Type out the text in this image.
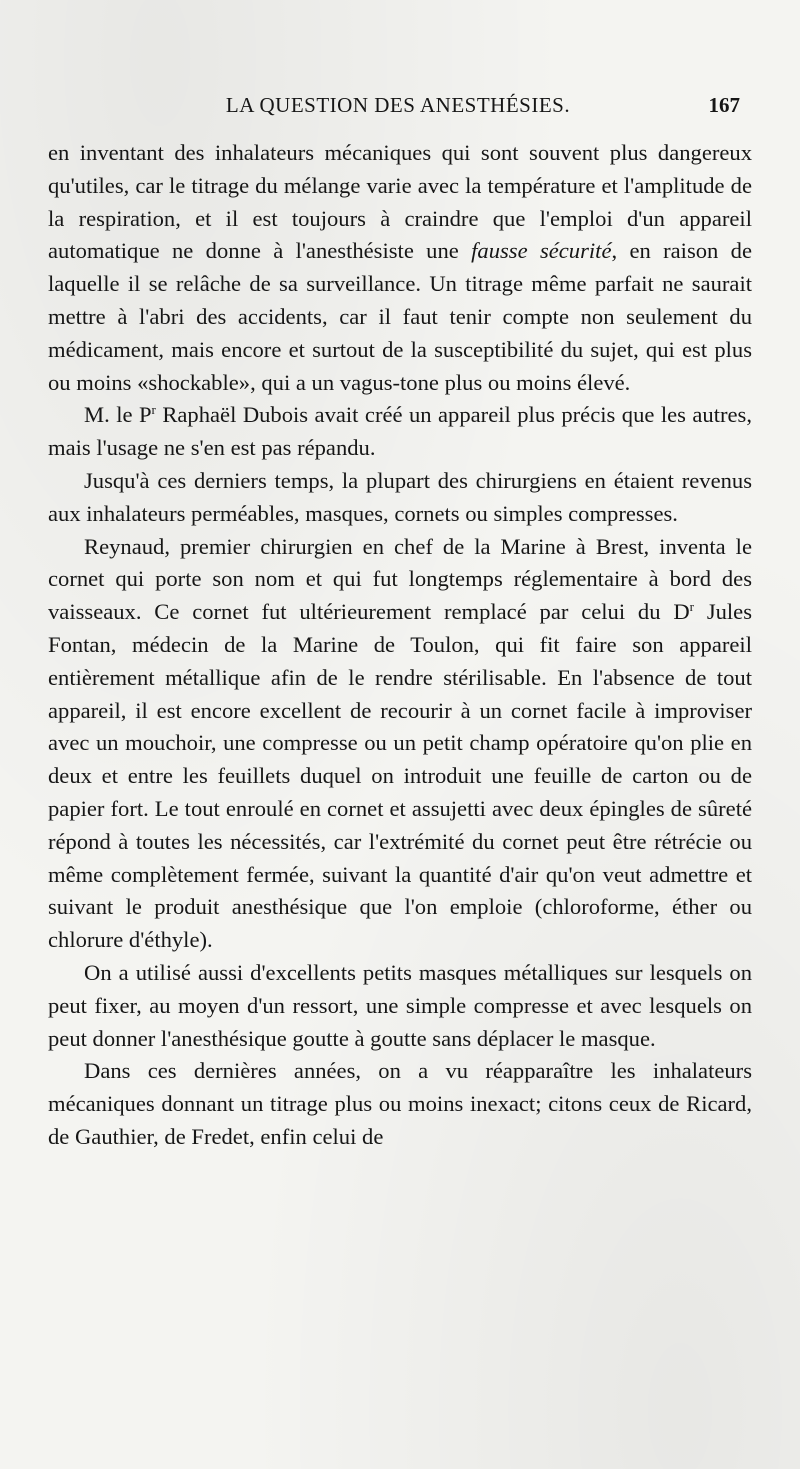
LA QUESTION DES ANESTHÉSIES.	167

en inventant des inhalateurs mécaniques qui sont souvent plus dangereux qu'utiles, car le titrage du mélange varie avec la température et l'amplitude de la respiration, et il est toujours à craindre que l'emploi d'un appareil automatique ne donne à l'anesthésiste une fausse sécurité, en raison de laquelle il se relâche de sa surveillance. Un titrage même parfait ne saurait mettre à l'abri des accidents, car il faut tenir compte non seulement du médicament, mais encore et surtout de la susceptibilité du sujet, qui est plus ou moins «shockable», qui a un vagus-tone plus ou moins élevé.

M. le $P^r$ Raphaël Dubois avait créé un appareil plus précis que les autres, mais l'usage ne s'en est pas répandu.

Jusqu'à ces derniers temps, la plupart des chirurgiens en étaient revenus aux inhalateurs perméables, masques, cornets ou simples compresses.

Reynaud, premier chirurgien en chef de la Marine à Brest, inventa le cornet qui porte son nom et qui fut longtemps réglementaire à bord des vaisseaux. Ce cornet fut ultérieurement remplacé par celui du $D^r$ Jules Fontan, médecin de la Marine de Toulon, qui fit faire son appareil entièrement métallique afin de le rendre stérilisable. En l'absence de tout appareil, il est encore excellent de recourir à un cornet facile à improviser avec un mouchoir, une compresse ou un petit champ opératoire qu'on plie en deux et entre les feuillets duquel on introduit une feuille de carton ou de papier fort. Le tout enroulé en cornet et assujetti avec deux épingles de sûreté répond à toutes les nécessités, car l'extrémité du cornet peut être rétrécie ou même complètement fermée, suivant la quantité d'air qu'on veut admettre et suivant le produit anesthésique que l'on emploie (chloroforme, éther ou chlorure d'éthyle).

On a utilisé aussi d'excellents petits masques métalliques sur lesquels on peut fixer, au moyen d'un ressort, une simple compresse et avec lesquels on peut donner l'anesthésique goutte à goutte sans déplacer le masque.

Dans ces dernières années, on a vu réapparaître les inhalateurs mécaniques donnant un titrage plus ou moins inexact; citons ceux de Ricard, de Gauthier, de Fredet, enfin celui de
